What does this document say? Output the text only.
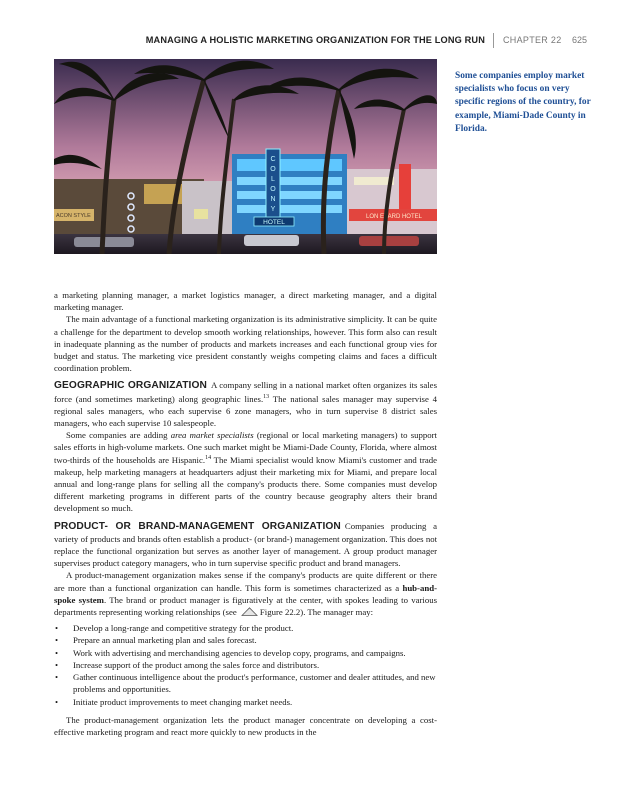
MANAGING A HOLISTIC MARKETING ORGANIZATION FOR THE LONG RUN CHAPTER 22 625
C
O
L
O
N
Y
HOTEL
LON EVARD HOTEL
ACON STYLE
Some companies employ market specialists who focus on very specific regions of the country, for example, Miami-Dade County in Florida.

a marketing planning manager, a market logistics manager, a direct marketing manager, and a digital marketing manager.

The main advantage of a functional marketing organization is its administrative simplicity. It can be quite a challenge for the department to develop smooth working relationships, however. This form also can result in inadequate planning as the number of products and markets increases and each functional group vies for budget and status. The marketing vice president constantly weighs competing claims and faces a difficult coordination problem.

GEOGRAPHIC ORGANIZATION A company selling in a national market often organizes its sales force (and sometimes marketing) along geographic lines.$^{13}$ The national sales manager may supervise 4 regional sales managers, who each supervise 6 zone managers, who in turn supervise 8 district sales managers, who each supervise 10 salespeople.

Some companies are adding area market specialists (regional or local marketing managers) to support sales efforts in high-volume markets. One such market might be Miami-Dade County, Florida, where almost two-thirds of the households are Hispanic.$^{14}$ The Miami specialist would know Miami's customer and trade makeup, help marketing managers at headquarters adjust their marketing mix for Miami, and prepare local annual and long-range plans for selling all the company's products there. Some companies must develop different marketing programs in different parts of the country because geography alters their brand development so much.

PRODUCT- OR BRAND-MANAGEMENT ORGANIZATION Companies producing a variety of products and brands often establish a product- (or brand-) management organization. This does not replace the functional organization but serves as another layer of management. A group product manager supervises product category managers, who in turn supervise specific product and brand managers.

A product-management organization makes sense if the company's products are quite different or there are more than a functional organization can handle. This form is sometimes characterized as a hub-and-spoke system. The brand or product manager is figuratively at the center, with spokes leading to various departments representing working relationships (see Figure 22.2). The manager may:

• Develop a long-range and competitive strategy for the product.
• Prepare an annual marketing plan and sales forecast.
• Work with advertising and merchandising agencies to develop copy, programs, and campaigns.
• Increase support of the product among the sales force and distributors.
• Gather continuous intelligence about the product's performance, customer and dealer attitudes, and new problems and opportunities.
• Initiate product improvements to meet changing market needs.

The product-management organization lets the product manager concentrate on developing a cost-effective marketing program and react more quickly to new products in the
